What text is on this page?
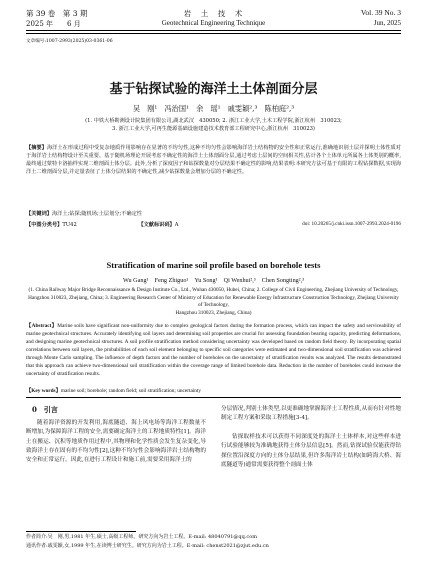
第 39 卷　第 3 期	岩　土　技　术	Vol. 39 No. 3
2025 年　　6 月	Geotechnical Engineering Technique	Jun, 2025
文章编号:1007-2993(2025)03-0361-06
基于钻探试验的海洋土土体剖面分层
吴　刚¹　冯治国¹　余　瑶¹　戚雯颖²,³　陈柏庭²,³
(1. 中铁大桥勘测设计院集团有限公司,湖北武汉　430050; 2. 浙江工业大学,土木工程学院,浙江杭州　310023;
3. 浙江工业大学,可再生能源基础设施建造技术教育部工程研究中心,浙江杭州　310023)
【摘要】海洋土在形成过程中受复杂地质作用影响存在显著的不均匀性,这种不均匀性会影响海洋岩土结构物的安全性和正常运行,准确地识别土层并探明土体性质对于海洋岩土结构物设计至关重要。基于随机场理论开展考虑不确定性的海洋土土体剖面分层,通过考虑土层间的空间相关性,估计各个土体单元所属各土体类别的概率,最终通过蒙特卡洛抽样实现二维剖面土体分层。此外,分析了深度因子和钻探数量对分层结果不确定性的影响,结果表明:本研究方法可基于有限的工程钻探数据,实现海洋土二维剖面分层,并定量表征了土体分层结果的不确定性,减少钻探数量会增加分层的不确定性。
【关键词】海洋土;钻探;随机场;土层划分;不确定性
【中图分类号】TU42	【文献标识码】A	doi: 10.20265/j.cnki.issn.1007-2993.2024-0196
Stratification of marine soil profile based on borehole tests
Wu Gang¹　Feng Zhiguo¹　Yu Song¹　Qi Wenhui²,³　Chen Songting²,³
(1. China Railway Major Bridge Reconnaissance & Design Institute Co., Ltd., Wuhan 430050, Hubei, China; 2. College of Civil Engineering, Zhejiang University of Technology, Hangzhou 310023, Zhejiang, China; 3. Engineering Research Center of Ministry of Education for Renewable Energy Infrastructure Construction Technology, Zhejiang University of Technology,
Hangzhou 310023, Zhejiang, China)
【Abstract】Marine soils have significant non-uniformity due to complex geological factors during the formation process, which can impact the safety and serviceability of marine geotechnical structures. Accurately identifying soil layers and determining soil properties are crucial for assessing foundation bearing capacity, predicting deformations, and designing marine geotechnical structures. A soil profile stratification method considering uncertainty was developed based on random field theory. By incorporating spatial correlations between soil layers, the probabilities of each soil element belonging to specific soil categories were estimated and two-dimensional soil stratification was achieved through Monte Carlo sampling. The influence of depth factors and the number of boreholes on the uncertainty of stratification results was analyzed. The results demonstrated that this approach can achieve two-dimensional soil stratification within the coverage range of limited borehole data. Reduction in the number of boreholes could increase the uncertainty of stratification results.
【Key words】marine soil; borehole; random field; soil stratification; uncertainty
0　引言
随着海洋资源的开发利用,海底隧道、海上风电场等海洋工程数量不断增加,为保障海洋工程的安全,需要确定海洋土的工程地质特性[1]。海洋土在搬运、沉积等地质作用过程中,其物理和化学性质会发生复杂变化,导致海洋土存在固有的不均匀性[2],这种不均匀性会影响海洋岩土结构物的安全和正常运行。因此,在进行工程设计和施工前,需要采用海洋土的
分层情况,判别土体类型,以更准确地掌握海洋土工程性质,从而有针对性地制定工程方案和采取工程措施[3-4]。
钻探取样技术可以获得不同深度处的海洋土土体样本,对这些样本进行试验能够较为准确地获得土体分层信息[5]。然而,钻探试验仅能获得钻探位置沿深度方向的土体分层结果,但许多海洋岩土结构(如跨海大桥、海底隧道等)通常需要获得整个剖面土体
作者简介:吴　刚,男,1981 年生,硕士,高级工程师。研究方向为岩土工程。E-mail: 48040791@qq.com
通讯作者:戚雯颖,女,1999 年生,在读博士研究生。研究方向为岩土工程。E-mail: chenst2021@zjut.edu.cn
